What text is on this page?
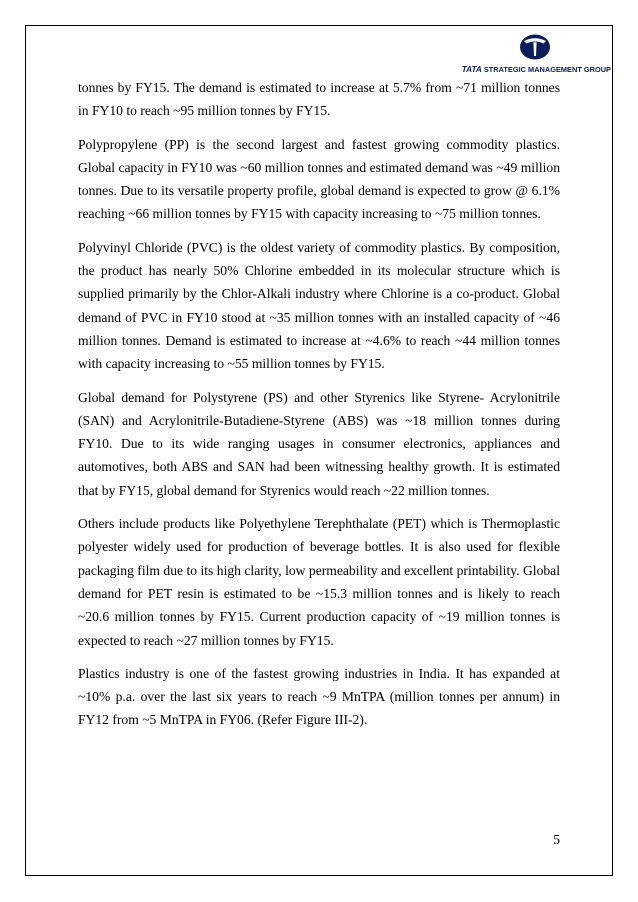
TATA STRATEGIC MANAGEMENT GROUP

tonnes by FY15. The demand is estimated to increase at 5.7% from ~71 million tonnes in FY10 to reach ~95 million tonnes by FY15.

Polypropylene (PP) is the second largest and fastest growing commodity plastics. Global capacity in FY10 was ~60 million tonnes and estimated demand was ~49 million tonnes. Due to its versatile property profile, global demand is expected to grow @ 6.1% reaching ~66 million tonnes by FY15 with capacity increasing to ~75 million tonnes.

Polyvinyl Chloride (PVC) is the oldest variety of commodity plastics. By composition, the product has nearly 50% Chlorine embedded in its molecular structure which is supplied primarily by the Chlor-Alkali industry where Chlorine is a co-product. Global demand of PVC in FY10 stood at ~35 million tonnes with an installed capacity of ~46 million tonnes. Demand is estimated to increase at ~4.6% to reach ~44 million tonnes with capacity increasing to ~55 million tonnes by FY15.

Global demand for Polystyrene (PS) and other Styrenics like Styrene- Acrylonitrile (SAN) and Acrylonitrile-Butadiene-Styrene (ABS) was ~18 million tonnes during FY10. Due to its wide ranging usages in consumer electronics, appliances and automotives, both ABS and SAN had been witnessing healthy growth. It is estimated that by FY15, global demand for Styrenics would reach ~22 million tonnes.

Others include products like Polyethylene Terephthalate (PET) which is Thermoplastic polyester widely used for production of beverage bottles. It is also used for flexible packaging film due to its high clarity, low permeability and excellent printability. Global demand for PET resin is estimated to be ~15.3 million tonnes and is likely to reach ~20.6 million tonnes by FY15. Current production capacity of ~19 million tonnes is expected to reach ~27 million tonnes by FY15.

Plastics industry is one of the fastest growing industries in India. It has expanded at ~10% p.a. over the last six years to reach ~9 MnTPA (million tonnes per annum) in FY12 from ~5 MnTPA in FY06. (Refer Figure III-2).

5
